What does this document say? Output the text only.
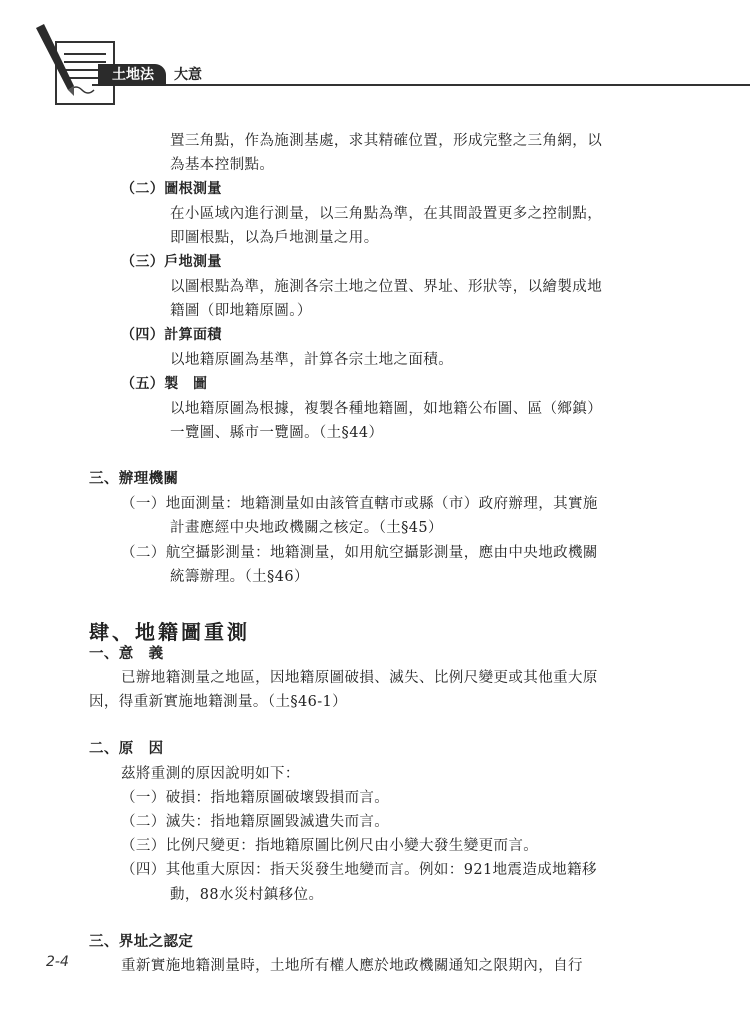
土地法	大意
置三角點，作為施測基處，求其精確位置，形成完整之三角網，以
為基本控制點。
（二）圖根測量
在小區域內進行測量，以三角點為準，在其間設置更多之控制點，
即圖根點，以為戶地測量之用。
（三）戶地測量
以圖根點為準，施測各宗土地之位置、界址、形狀等，以繪製成地
籍圖（即地籍原圖。）
（四）計算面積
以地籍原圖為基準，計算各宗土地之面積。
（五）製　圖
以地籍原圖為根據，複製各種地籍圖，如地籍公布圖、區（鄉鎮）
一覽圖、縣市一覽圖。（土§44）
三、辦理機關
（一）地面測量：地籍測量如由該管直轄市或縣（市）政府辦理，其實施
計畫應經中央地政機關之核定。（土§45）
（二）航空攝影測量：地籍測量，如用航空攝影測量，應由中央地政機關
統籌辦理。（土§46）
肆、地籍圖重測
一、意　義
已辦地籍測量之地區，因地籍原圖破損、滅失、比例尺變更或其他重大原
因，得重新實施地籍測量。（土§46-1）
二、原　因
茲將重測的原因說明如下：
（一）破損：指地籍原圖破壞毀損而言。
（二）滅失：指地籍原圖毀滅遺失而言。
（三）比例尺變更：指地籍原圖比例尺由小變大發生變更而言。
（四）其他重大原因：指天災發生地變而言。例如：921地震造成地籍移
動，88水災村鎮移位。
三、界址之認定
重新實施地籍測量時，土地所有權人應於地政機關通知之限期內，自行
2-4
